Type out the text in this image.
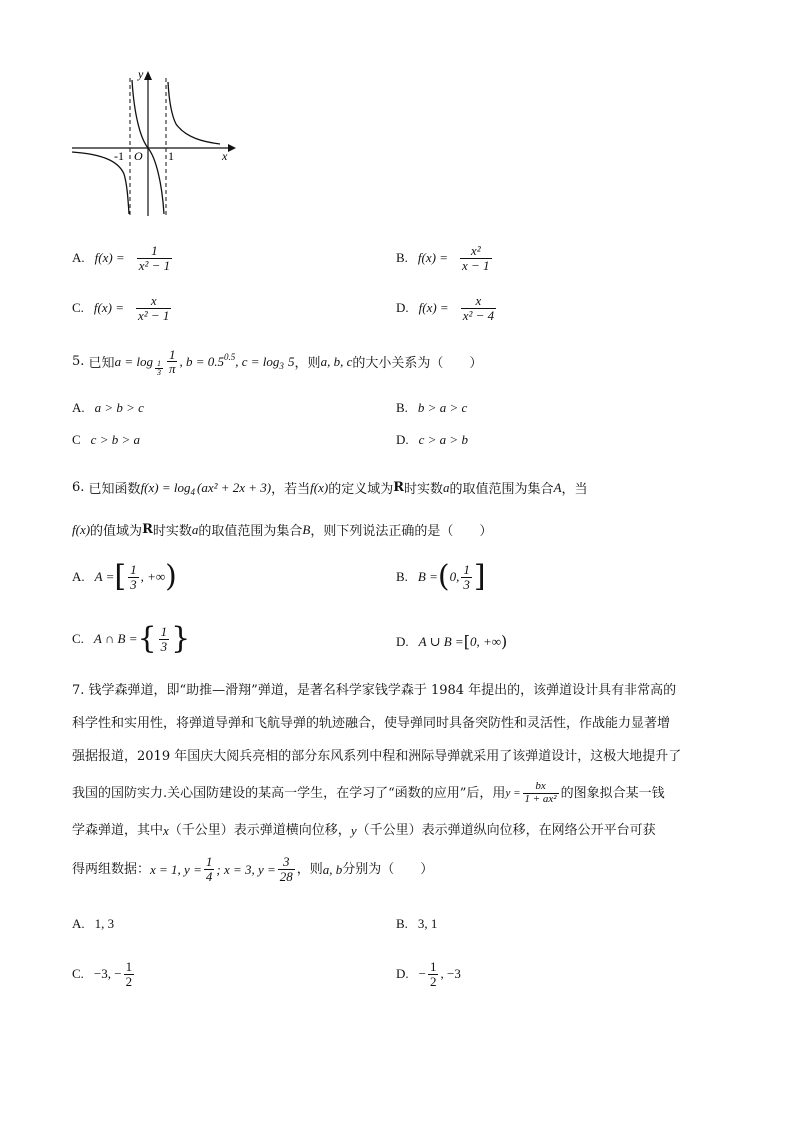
y
x
O
-1	1
A. $f(x) = \frac{1}{\text{x² − 1}}$	B. $f(x) = \frac{\text{x²}}{x - 1}$
C. $f(x) = \frac{x}{\text{x² − 1}}$	D. $f(x) = \frac{x}{\text{x² − 4}}$
5.
已知 $a = \log \frac{1}{3} \frac{1}{\pi}$ , b = 0.5 0.5 , c = log 3
5 ，则 a, b, c 的大小关系为（　　）
A. a > b > c	B. b > a > c
C c > b > a	D. c > a > b
6.
已知函数 f(x) = log 4 (ax² + 2x + 3) ，若当 f(x) 的定义域为 R 时实数 a 的取值范围为集合 A ，当
f(x) 的值域为 R 时实数 a 的取值范围为集合 B ，则下列说法正确的是（　　）
A. A = [ $\frac{1}{3}$ , +∞ )	B. B = ( 0, $\frac{1}{3}$ ]
C. A ∩ B = { $\frac{1}{3}$ }	D. A ∪ B = [ 0, +∞ )
7. 钱学森弹道，即“助推—滑翔”弹道，是著名科学家钱学森于 1984 年提出的，该弹道设计具有非常高的
科学性和实用性，将弹道导弹和飞航导弹的轨迹融合，使导弹同时具备突防性和灵活性，作战能力显著增
强据报道，2019 年国庆大阅兵亮相的部分东风系列中程和洲际导弹就采用了该弹道设计，这极大地提升了
我国的国防实力.关心国防建设的某高一学生，在学习了“函数的应用”后，用 $y = \frac{bx}{\text{1 + ax²}}$ 的图象拟合某一钱
学森弹道，其中 x （千公里）表示弹道横向位移， y （千公里）表示弹道纵向位移，在网络公开平台可获
得两组数据： x = 1, $y = \frac{1}{4}$ ; x = 3, $y = \frac{3}{28}$ ，则 a, b 分别为（　　）
A. 1, 3	B. 3, 1
C. −3, − $\frac{1}{2}$	D. − $\frac{1}{2}$ , −3
